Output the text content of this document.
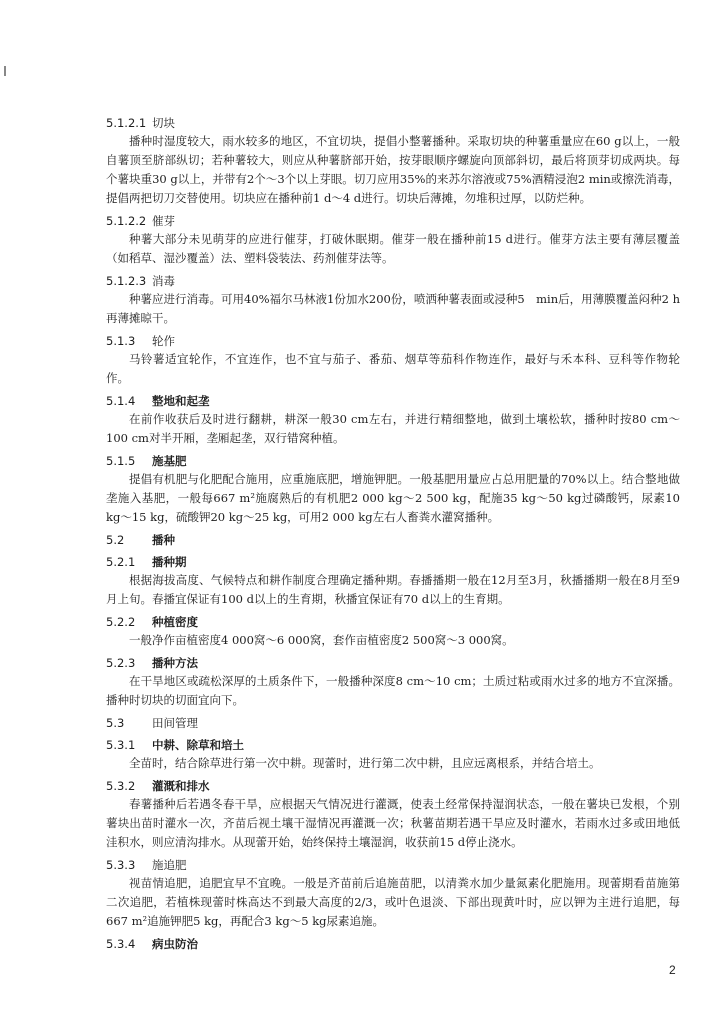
5.1.2.1 切块

播种时湿度较大，雨水较多的地区，不宜切块，提倡小整薯播种。采取切块的种薯重量应在60 g以上，一般自薯顶至脐部纵切；若种薯较大，则应从种薯脐部开始，按芽眼顺序螺旋向顶部斜切，最后将顶芽切成两块。每个薯块重30 g以上，并带有2个～3个以上芽眼。切刀应用35%的来苏尔溶液或75%酒精浸泡2 min或擦洗消毒，提倡两把切刀交替使用。切块应在播种前1 d～4 d进行。切块后薄摊，勿堆积过厚，以防烂种。

5.1.2.2 催芽

种薯大部分未见萌芽的应进行催芽，打破休眠期。催芽一般在播种前15 d进行。催芽方法主要有薄层覆盖（如稻草、湿沙覆盖）法、塑料袋装法、药剂催芽法等。

5.1.2.3 消毒

种薯应进行消毒。可用40%福尔马林液1份加水200份，喷洒种薯表面或浸种5　min后，用薄膜覆盖闷种2 h再薄摊晾干。

5.1.3 轮作

马铃薯适宜轮作，不宜连作，也不宜与茄子、番茄、烟草等茄科作物连作，最好与禾本科、豆科等作物轮作。

5.1.4 整地和起垄

在前作收获后及时进行翻耕，耕深一般30 cm左右，并进行精细整地，做到土壤松软，播种时按80 cm～100 cm对半开厢，垄厢起垄，双行错窝种植。

5.1.5 施基肥

提倡有机肥与化肥配合施用，应重施底肥，增施钾肥。一般基肥用量应占总用肥量的70%以上。结合整地做垄施入基肥，一般每667 m²施腐熟后的有机肥2 000 kg～2 500 kg，配施35 kg～50 kg过磷酸钙，尿素10 kg～15 kg，硫酸钾20 kg～25 kg，可用2 000 kg左右人畜粪水灌窝播种。

5.2 播种
5.2.1 播种期

根据海拔高度、气候特点和耕作制度合理确定播种期。春播播期一般在12月至3月，秋播播期一般在8月至9月上旬。春播宜保证有100 d以上的生育期，秋播宜保证有70 d以上的生育期。

5.2.2 种植密度

一般净作亩植密度4 000窝～6 000窝，套作亩植密度2 500窝～3 000窝。

5.2.3 播种方法

在干旱地区或疏松深厚的土质条件下，一般播种深度8 cm～10 cm；土质过粘或雨水过多的地方不宜深播。播种时切块的切面宜向下。

5.3 田间管理
5.3.1 中耕、除草和培土

全苗时，结合除草进行第一次中耕。现蕾时，进行第二次中耕，且应远离根系，并结合培土。

5.3.2 灌溉和排水

春薯播种后若遇冬春干旱，应根据天气情况进行灌溉，使表土经常保持湿润状态，一般在薯块已发根，个别薯块出苗时灌水一次，齐苗后视土壤干湿情况再灌溉一次；秋薯苗期若遇干旱应及时灌水，若雨水过多或田地低洼积水，则应清沟排水。从现蕾开始，始终保持土壤湿润，收获前15 d停止浇水。

5.3.3 施追肥

视苗情追肥，追肥宜早不宜晚。一般是齐苗前后追施苗肥，以清粪水加少量氮素化肥施用。现蕾期看苗施第二次追肥，若植株现蕾时株高达不到最大高度的2/3，或叶色退淡、下部出现黄叶时，应以钾为主进行追肥，每667 m²追施钾肥5 kg，再配合3 kg～5 kg尿素追施。

5.3.4 病虫防治
2
